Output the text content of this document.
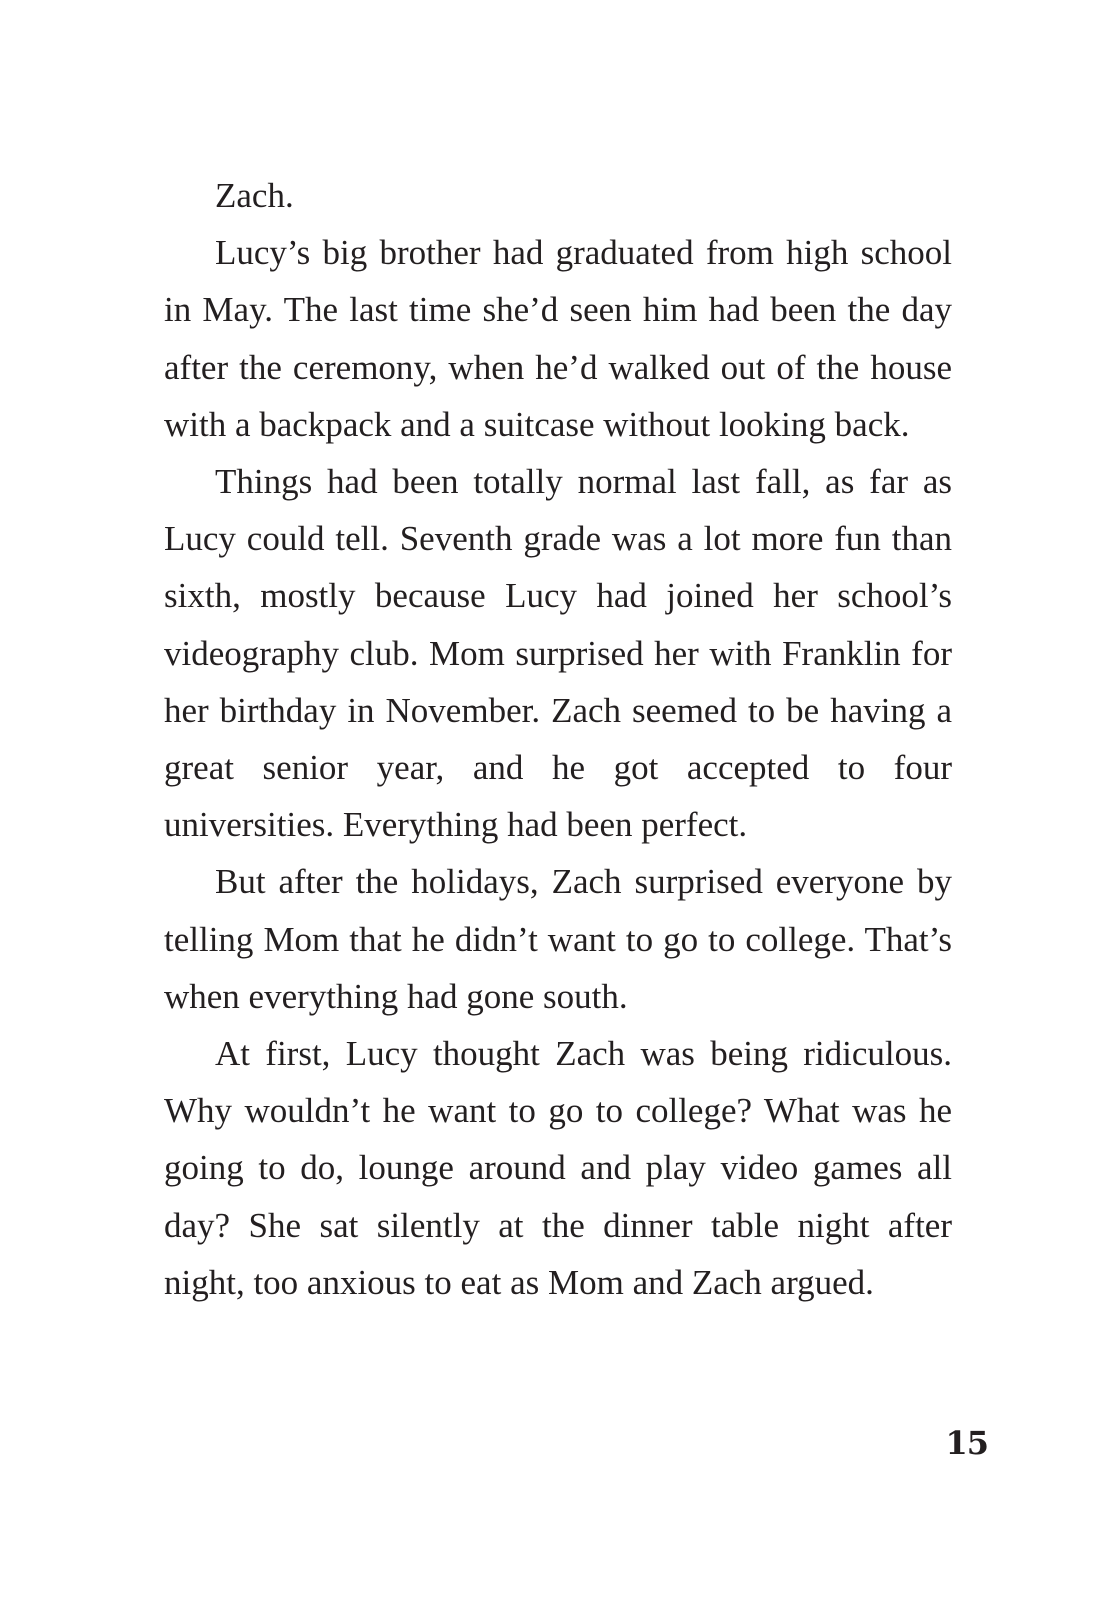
Zach.

Lucy’s big brother had graduated from high school in May. The last time she’d seen him had been the day after the ceremony, when he’d walked out of the house with a backpack and a suitcase without looking back.

Things had been totally normal last fall, as far as Lucy could tell. Seventh grade was a lot more fun than sixth, mostly because Lucy had joined her school’s videography club. Mom surprised her with Franklin for her birthday in November. Zach seemed to be having a great senior year, and he got accepted to four universities. Everything had been perfect.

But after the holidays, Zach surprised everyone by telling Mom that he didn’t want to go to college. That’s when everything had gone south.

At first, Lucy thought Zach was being ridiculous. Why wouldn’t he want to go to college? What was he going to do, lounge around and play video games all day? She sat silently at the dinner table night after night, too anxious to eat as Mom and Zach argued.

15
